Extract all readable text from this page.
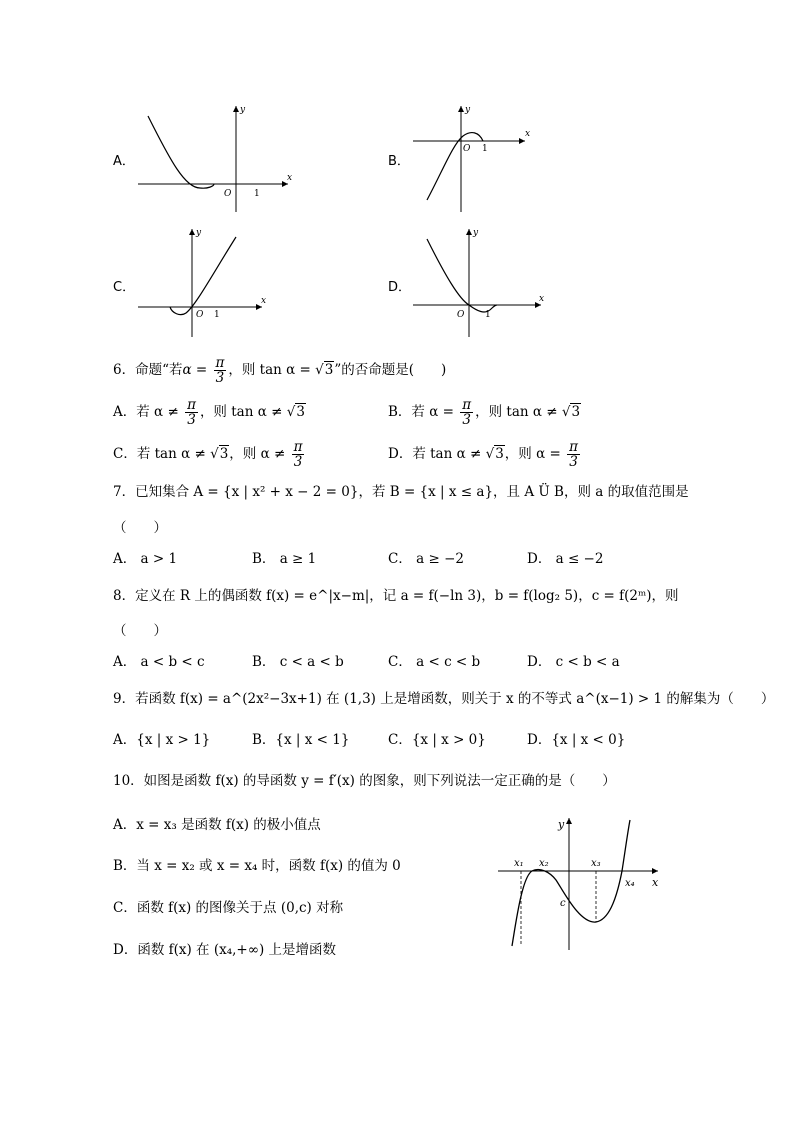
A．
x
y
O	1
B．
x
y
O 1
C．
x
y
O 1
D．
x
y
O 1
6．命题“若$\alpha = \frac{\pi}{3}$ ，则 tan α = √3”的否命题是(　　)
A．若 $\alpha \ne \frac{\pi}{3}$ ，则 tan α ≠ √3	B．若 $\alpha = \frac{\pi}{3}$ ，则 tan α ≠ √3
C．若 tan α ≠ √3，则 $\alpha \ne \frac{\pi}{3}$	D．若 tan α ≠ √3，则 $\alpha = \frac{\pi}{3}$
7．已知集合 A = {x | x² + x − 2 = 0}，若 B = {x | x ≤ a}，且 A Ü B，则 a 的取值范围是
（　　）
A． a > 1	B． a ≥ 1	C． a ≥ −2	D． a ≤ −2
8．定义在 R 上的偶函数 f(x) = e^|x−m|，记 a = f(−ln 3)，b = f(log₂ 5)，c = f(2ᵐ)，则
（　　）
A． a < b < c	B． c < a < b	C． a < c < b	D． c < b < a
9．若函数 f(x) = a^(2x²−3x+1) 在 (1,3) 上是增函数，则关于 x 的不等式 a^(x−1) > 1 的解集为（　　）
A．{x | x > 1}	B．{x | x < 1}	C．{x | x > 0}	D．{x | x < 0}
10．如图是函数 f(x) 的导函数 y = f′(x) 的图象，则下列说法一定正确的是（　　）
A．x = x₃ 是函数 f(x) 的极小值点
B．当 x = x₂ 或 x = x₄ 时，函数 f(x) 的值为 0
C．函数 f(x) 的图像关于点 (0,c) 对称
D．函数 f(x) 在 (x₄,+∞) 上是增函数
y
x
x₁ x₂	x₃
x₄
c
